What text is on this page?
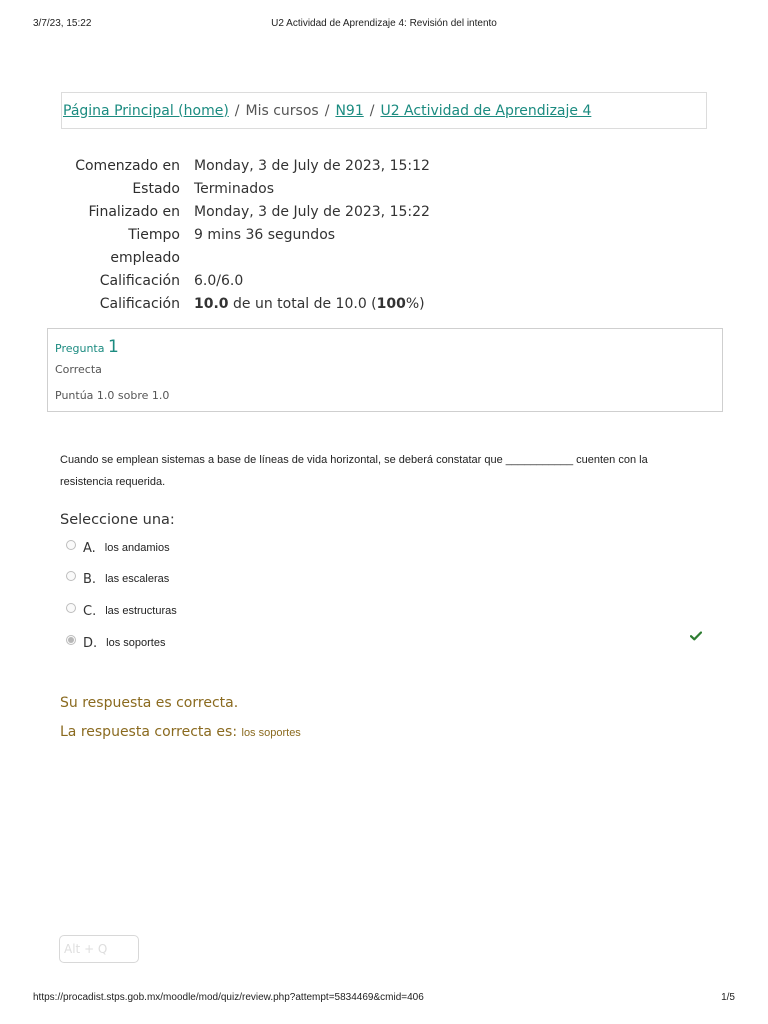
3/7/23, 15:22	U2 Actividad de Aprendizaje 4: Revisión del intento
Página Principal (home) / Mis cursos / N91 / U2 Actividad de Aprendizaje 4
Comenzado en Monday, 3 de July de 2023, 15:12
Estado Terminados
Finalizado en Monday, 3 de July de 2023, 15:22
Tiempo
empleado
9 mins 36 segundos
Calificación 6.0/6.0
Calificación 10.0 de un total de 10.0 (100%)
Pregunta 1
Correcta
Puntúa 1.0 sobre 1.0
Cuando se emplean sistemas a base de líneas de vida horizontal, se deberá constatar que ___________ cuenten con la resistencia requerida.
Seleccione una:
A. los andamios
B. las escaleras
C. las estructuras
D. los soportes
Su respuesta es correcta.
La respuesta correcta es: los soportes
Alt + Q
https://procadist.stps.gob.mx/moodle/mod/quiz/review.php?attempt=5834469&cmid=406	1/5
